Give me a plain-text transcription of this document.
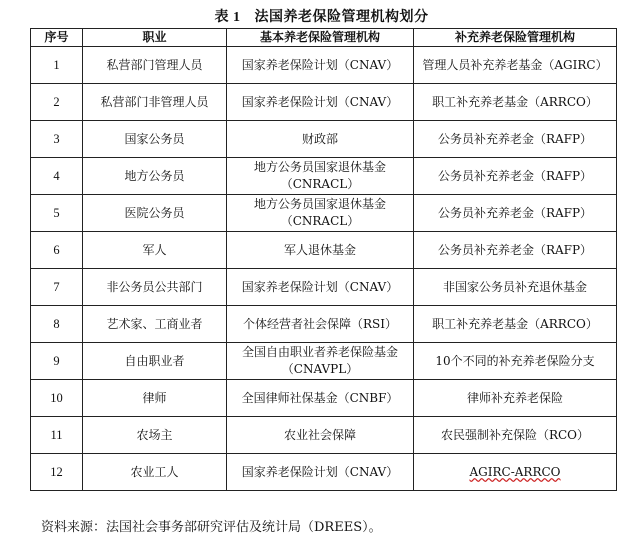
表 1 法国养老保险管理机构划分
序号	职业	基本养老保险管理机构	补充养老保险管理机构
1	私营部门管理人员	国家养老保险计划（CNAV）	管理人员补充养老基金（AGIRC）
2	私营部门非管理人员	国家养老保险计划（CNAV）	职工补充养老基金（ARRCO）
3	国家公务员	财政部	公务员补充养老金（RAFP）
4	地方公务员	地方公务员国家退休基金（CNRACL）	公务员补充养老金（RAFP）
5	医院公务员	地方公务员国家退休基金（CNRACL）	公务员补充养老金（RAFP）
6	军人	军人退休基金	公务员补充养老金（RAFP）
7	非公务员公共部门	国家养老保险计划（CNAV）	非国家公务员补充退休基金
8	艺术家、工商业者	个体经营者社会保障（RSI）	职工补充养老基金（ARRCO）
9	自由职业者	全国自由职业者养老保险基金（CNAVPL）	10个不同的补充养老保险分支
10	律师	全国律师社保基金（CNBF）	律师补充养老保险
11	农场主	农业社会保障	农民强制补充保险（RCO）
12	农业工人	国家养老保险计划（CNAV）	AGIRC-ARRCO
资料来源：法国社会事务部研究评估及统计局（DREES）。
